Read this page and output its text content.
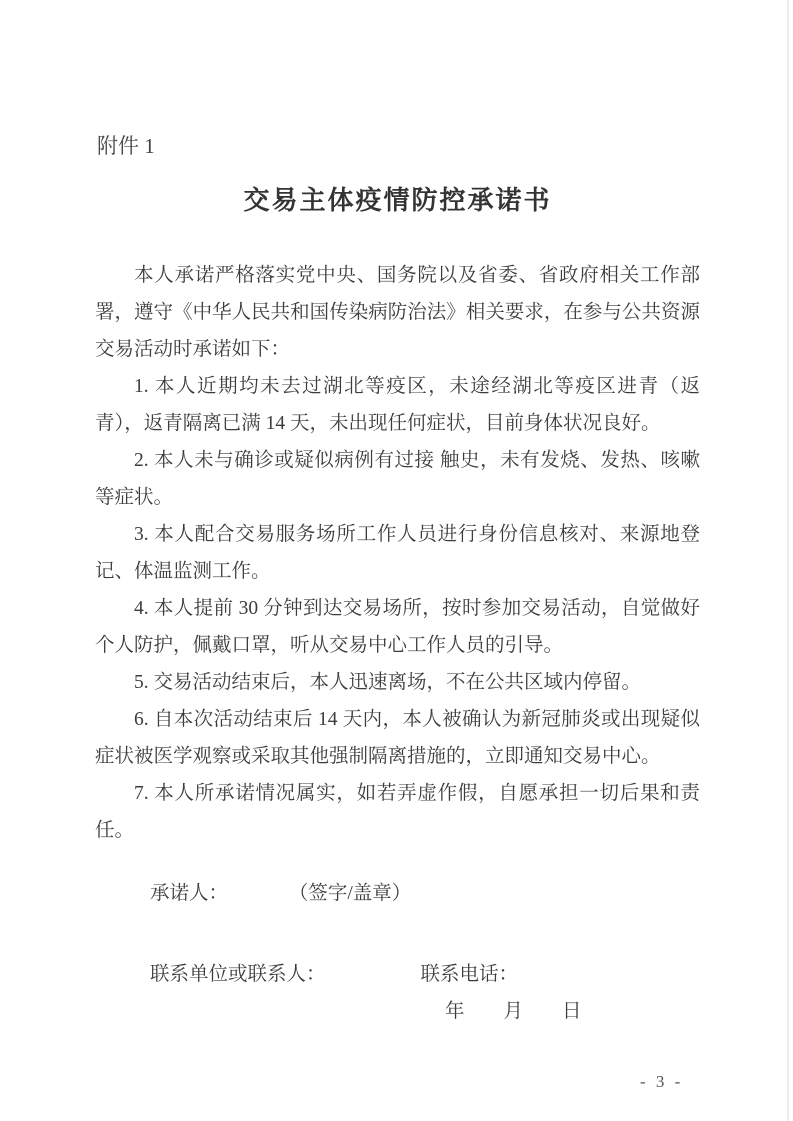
附件 1
交易主体疫情防控承诺书

本人承诺严格落实党中央、国务院以及省委、省政府相关工作部署，遵守《中华人民共和国传染病防治法》相关要求，在参与公共资源交易活动时承诺如下：

1. 本人近期均未去过湖北等疫区，未途经湖北等疫区进青（返青），返青隔离已满 14 天，未出现任何症状，目前身体状况良好。

2. 本人未与确诊或疑似病例有过接 触史，未有发烧、发热、咳嗽等症状。

3. 本人配合交易服务场所工作人员进行身份信息核对、来源地登记、体温监测工作。

4. 本人提前 30 分钟到达交易场所，按时参加交易活动，自觉做好个人防护，佩戴口罩，听从交易中心工作人员的引导。

5. 交易活动结束后，本人迅速离场，不在公共区域内停留。

6. 自本次活动结束后 14 天内，本人被确认为新冠肺炎或出现疑似症状被医学观察或采取其他强制隔离措施的，立即通知交易中心。

7. 本人所承诺情况属实，如若弄虚作假，自愿承担一切后果和责任。

承诺人：	（签字/盖章）
联系单位或联系人：	联系电话：
年　　月　　日
- 3 -
